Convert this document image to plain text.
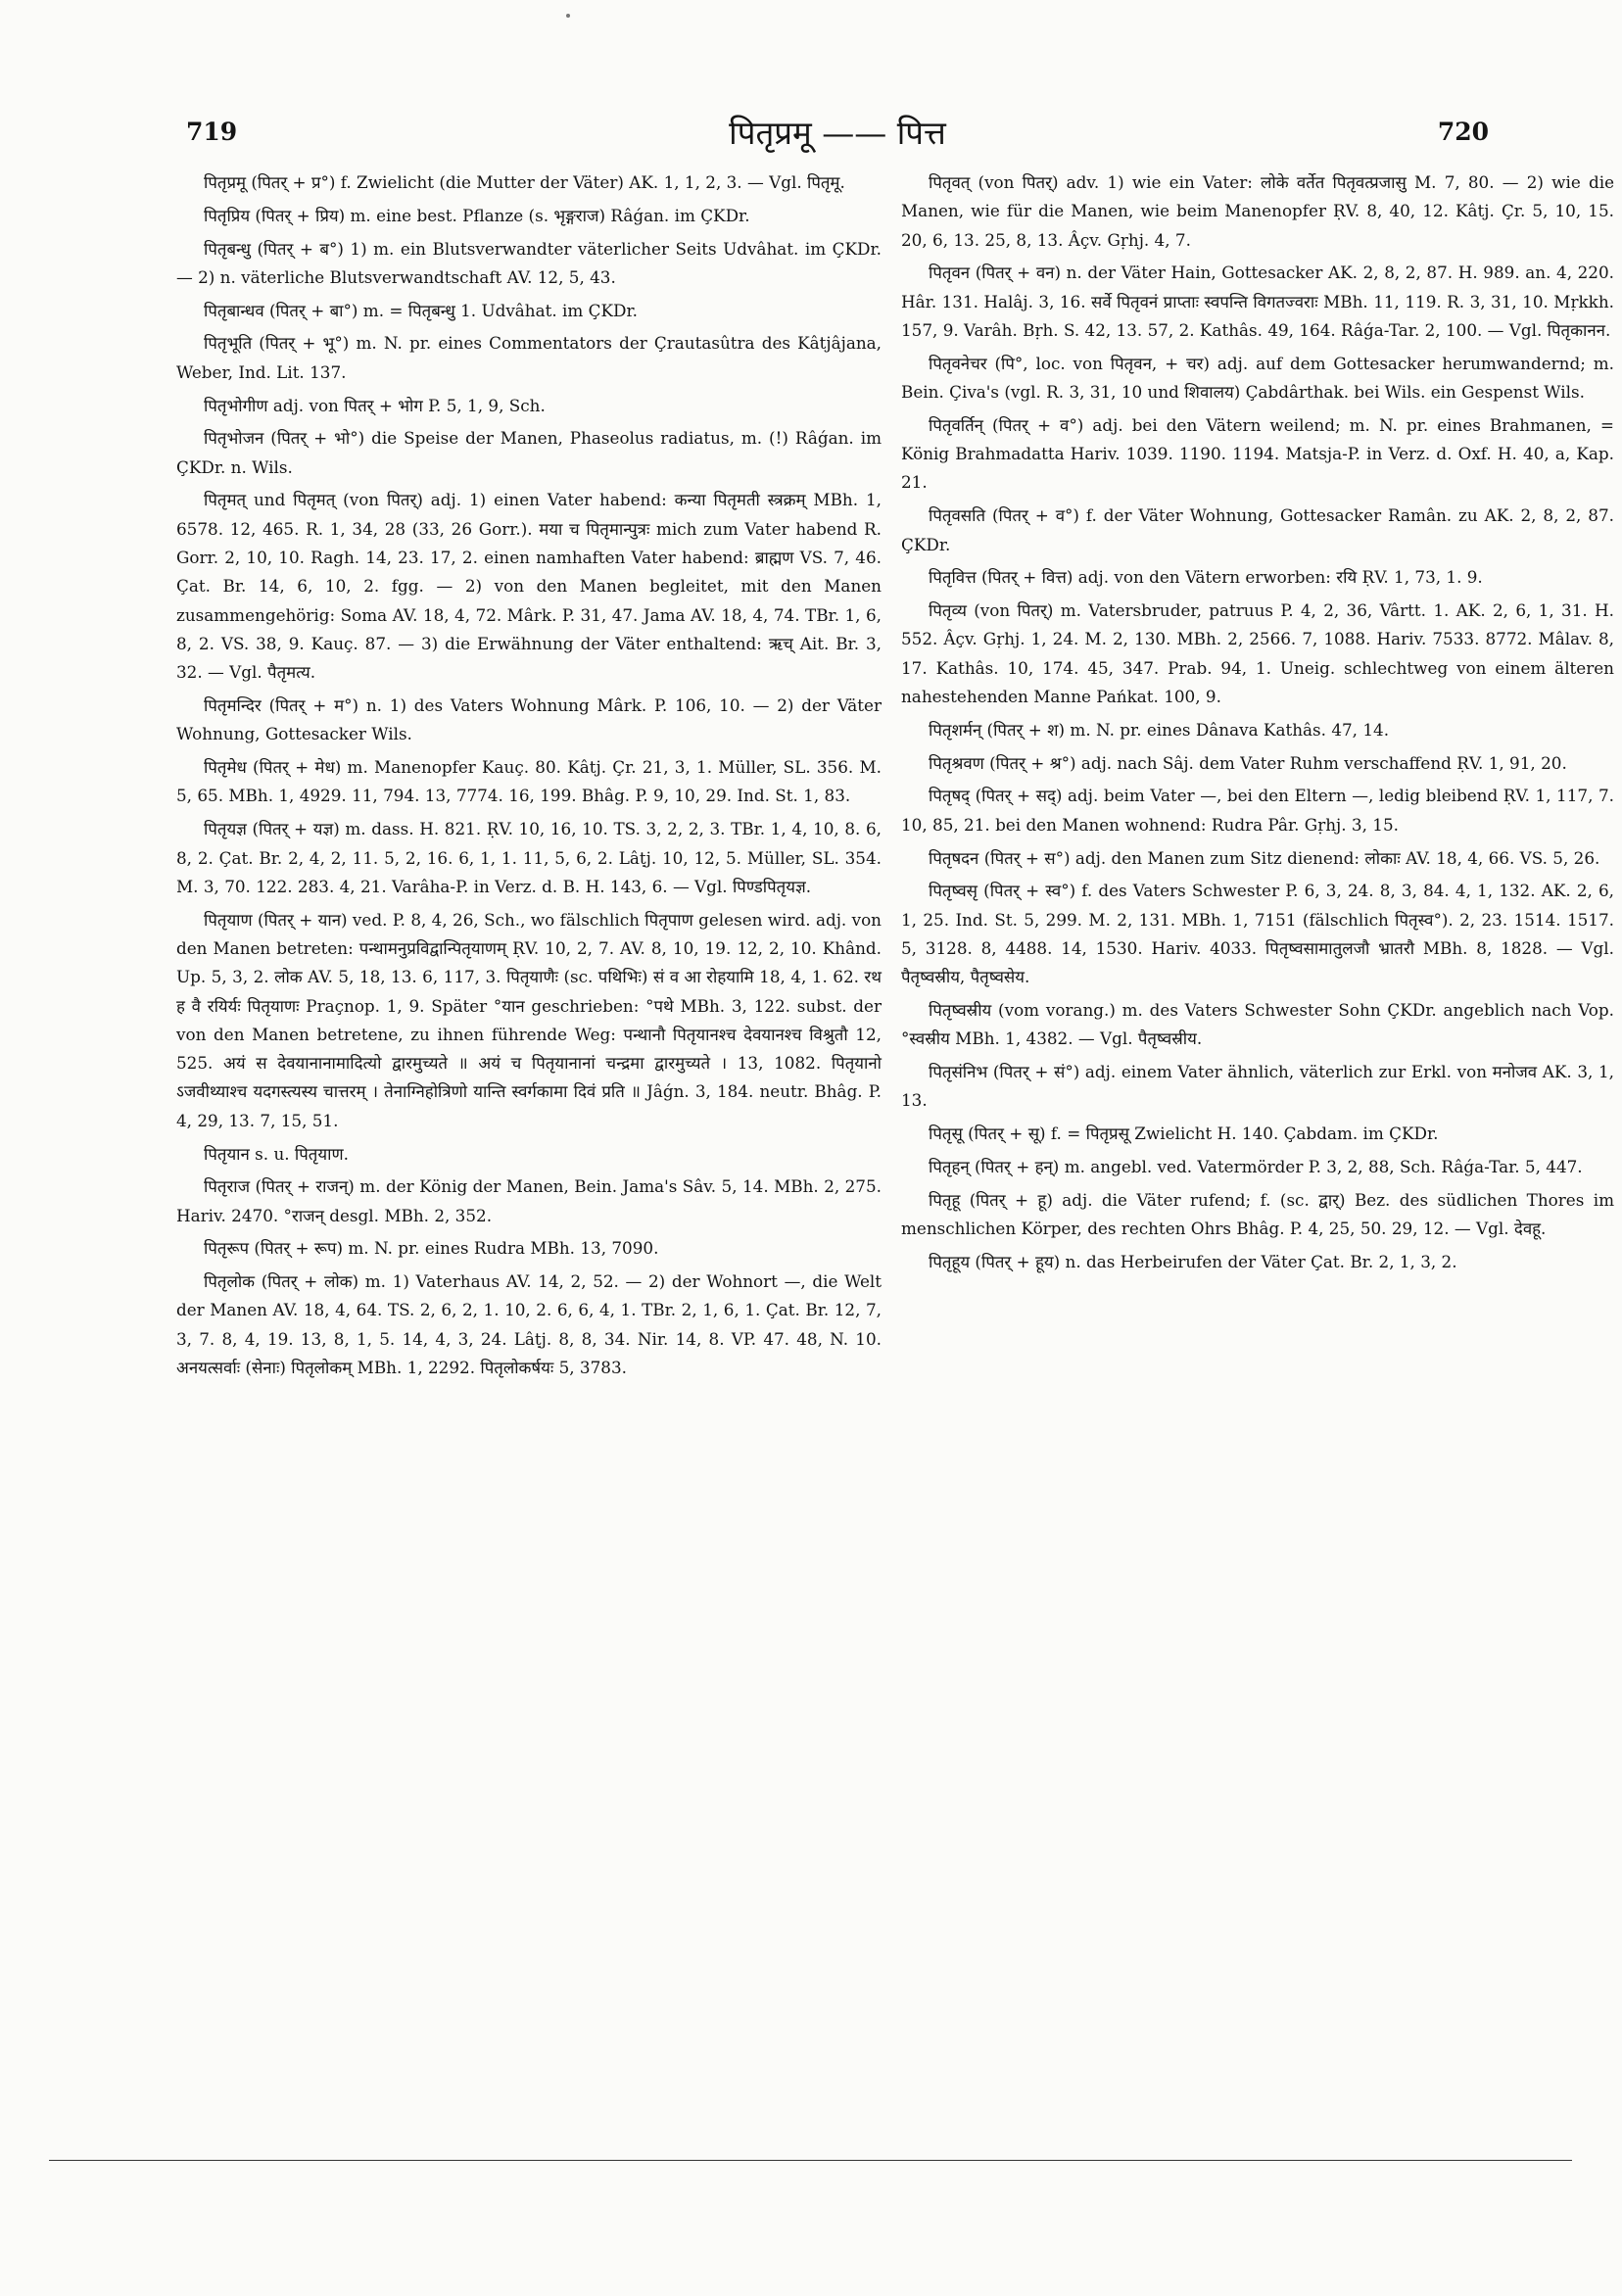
719	पितृप्रमू —— पित्त	720

पितृप्रमू (पितर् + प्र°) f. Zwielicht (die Mutter der Väter) AK. 1, 1, 2, 3. — Vgl. पितृमू.

पितृप्रिय (पितर् + प्रिय) m. eine best. Pflanze (s. भृङ्गराज) Râǵan. im ÇKDr.

पितृबन्धु (पितर् + ब°) 1) m. ein Blutsverwandter väterlicher Seits Udvâhat. im ÇKDr. — 2) n. väterliche Blutsverwandtschaft AV. 12, 5, 43.

पितृबान्धव (पितर् + बा°) m. = पितृबन्धु 1. Udvâhat. im ÇKDr.

पितृभूति (पितर् + भू°) m. N. pr. eines Commentators der Çrautasûtra des Kâtjâjana, Weber, Ind. Lit. 137.

पितृभोगीण adj. von पितर् + भोग P. 5, 1, 9, Sch.

पितृभोजन (पितर् + भो°) die Speise der Manen, Phaseolus radiatus, m. (!) Râǵan. im ÇKDr. n. Wils.

पितृमत् und पितृमत् (von पितर्) adj. 1) einen Vater habend: कन्या पितृमती स्त्रक्रम् MBh. 1, 6578. 12, 465. R. 1, 34, 28 (33, 26 Gorr.). मया च पितृमान्पुत्रः mich zum Vater habend R. Gorr. 2, 10, 10. Ragh. 14, 23. 17, 2. einen namhaften Vater habend: ब्राह्मण VS. 7, 46. Çat. Br. 14, 6, 10, 2. fgg. — 2) von den Manen begleitet, mit den Manen zusammengehörig: Soma AV. 18, 4, 72. Mârk. P. 31, 47. Jama AV. 18, 4, 74. TBr. 1, 6, 8, 2. VS. 38, 9. Kauç. 87. — 3) die Erwähnung der Väter enthaltend: ऋच् Ait. Br. 3, 32. — Vgl. पैतृमत्य.

पितृमन्दिर (पितर् + म°) n. 1) des Vaters Wohnung Mârk. P. 106, 10. — 2) der Väter Wohnung, Gottesacker Wils.

पितृमेध (पितर् + मेध) m. Manenopfer Kauç. 80. Kâtj. Çr. 21, 3, 1. Müller, SL. 356. M. 5, 65. MBh. 1, 4929. 11, 794. 13, 7774. 16, 199. Bhâg. P. 9, 10, 29. Ind. St. 1, 83.

पितृयज्ञ (पितर् + यज्ञ) m. dass. H. 821. ṚV. 10, 16, 10. TS. 3, 2, 2, 3. TBr. 1, 4, 10, 8. 6, 8, 2. Çat. Br. 2, 4, 2, 11. 5, 2, 16. 6, 1, 1. 11, 5, 6, 2. Lâṭj. 10, 12, 5. Müller, SL. 354. M. 3, 70. 122. 283. 4, 21. Varâha-P. in Verz. d. B. H. 143, 6. — Vgl. पिण्डपितृयज्ञ.

पितृयाण (पितर् + यान) ved. P. 8, 4, 26, Sch., wo fälschlich पितृपाण gelesen wird. adj. von den Manen betreten: पन्थामनुप्रविद्वान्पितृयाणम् ṚV. 10, 2, 7. AV. 8, 10, 19. 12, 2, 10. Khând. Up. 5, 3, 2. लोक AV. 5, 18, 13. 6, 117, 3. पितृयाणैः (sc. पथिभिः) सं व आ रोहयामि 18, 4, 1. 62. रथ ह वै रयिर्यः पितृयाणः Praçnop. 1, 9. Später °यान geschrieben: °पथे MBh. 3, 122. subst. der von den Manen betretene, zu ihnen führende Weg: पन्थानौ पितृयानश्च देवयानश्च विश्रुतौ 12, 525. अयं स देवयानानामादित्यो द्वारमुच्यते ॥ अयं च पितृयानानां चन्द्रमा द्वारमुच्यते । 13, 1082. पितृयानो ऽजवीथ्याश्च यदगस्त्यस्य चात्तरम् । तेनाग्निहोत्रिणो यान्ति स्वर्गकामा दिवं प्रति ॥ Jâǵn. 3, 184. neutr. Bhâg. P. 4, 29, 13. 7, 15, 51.

पितृयान s. u. पितृयाण.

पितृराज (पितर् + राजन्) m. der König der Manen, Bein. Jama's Sâv. 5, 14. MBh. 2, 275. Hariv. 2470. °राजन् desgl. MBh. 2, 352.

पितृरूप (पितर् + रूप) m. N. pr. eines Rudra MBh. 13, 7090.

पितृलोक (पितर् + लोक) m. 1) Vaterhaus AV. 14, 2, 52. — 2) der Wohnort —, die Welt der Manen AV. 18, 4, 64. TS. 2, 6, 2, 1. 10, 2. 6, 6, 4, 1. TBr. 2, 1, 6, 1. Çat. Br. 12, 7, 3, 7. 8, 4, 19. 13, 8, 1, 5. 14, 4, 3, 24. Lâṭj. 8, 8, 34. Nir. 14, 8. VP. 47. 48, N. 10. अनयत्सर्वाः (सेनाः) पितृलोकम् MBh. 1, 2292. पितृलोकर्षयः 5, 3783.

पितृवत् (von पितर्) adv. 1) wie ein Vater: लोके वर्तेत पितृवत्प्रजासु M. 7, 80. — 2) wie die Manen, wie für die Manen, wie beim Manenopfer ṚV. 8, 40, 12. Kâtj. Çr. 5, 10, 15. 20, 6, 13. 25, 8, 13. Âçv. Gṛhj. 4, 7.

पितृवन (पितर् + वन) n. der Väter Hain, Gottesacker AK. 2, 8, 2, 87. H. 989. an. 4, 220. Hâr. 131. Halâj. 3, 16. सर्वे पितृवनं प्राप्ताः स्वपन्ति विगतज्वराः MBh. 11, 119. R. 3, 31, 10. Mṛkkh. 157, 9. Varâh. Bṛh. S. 42, 13. 57, 2. Kathâs. 49, 164. Râǵa-Tar. 2, 100. — Vgl. पितृकानन.

पितृवनेचर (पि°, loc. von पितृवन, + चर) adj. auf dem Gottesacker herumwandernd; m. Bein. Çiva's (vgl. R. 3, 31, 10 und शिवालय) Çabdârthak. bei Wils. ein Gespenst Wils.

पितृवर्तिन् (पितर् + व°) adj. bei den Vätern weilend; m. N. pr. eines Brahmanen, = König Brahmadatta Hariv. 1039. 1190. 1194. Matsja-P. in Verz. d. Oxf. H. 40, a, Kap. 21.

पितृवसति (पितर् + व°) f. der Väter Wohnung, Gottesacker Ramân. zu AK. 2, 8, 2, 87. ÇKDr.

पितृवित्त (पितर् + वित्त) adj. von den Vätern erworben: रयि ṚV. 1, 73, 1. 9.

पितृव्य (von पितर्) m. Vatersbruder, patruus P. 4, 2, 36, Vârtt. 1. AK. 2, 6, 1, 31. H. 552. Âçv. Gṛhj. 1, 24. M. 2, 130. MBh. 2, 2566. 7, 1088. Hariv. 7533. 8772. Mâlav. 8, 17. Kathâs. 10, 174. 45, 347. Prab. 94, 1. Uneig. schlechtweg von einem älteren nahestehenden Manne Pańkat. 100, 9.

पितृशर्मन् (पितर् + श) m. N. pr. eines Dânava Kathâs. 47, 14.

पितृश्रवण (पितर् + श्र°) adj. nach Sâj. dem Vater Ruhm verschaffend ṚV. 1, 91, 20.

पितृषद् (पितर् + सद्) adj. beim Vater —, bei den Eltern —, ledig bleibend ṚV. 1, 117, 7. 10, 85, 21. bei den Manen wohnend: Rudra Pâr. Gṛhj. 3, 15.

पितृषदन (पितर् + स°) adj. den Manen zum Sitz dienend: लोकाः AV. 18, 4, 66. VS. 5, 26.

पितृष्वसृ (पितर् + स्व°) f. des Vaters Schwester P. 6, 3, 24. 8, 3, 84. 4, 1, 132. AK. 2, 6, 1, 25. Ind. St. 5, 299. M. 2, 131. MBh. 1, 7151 (fälschlich पितृस्व°). 2, 23. 1514. 1517. 5, 3128. 8, 4488. 14, 1530. Hariv. 4033. पितृष्वसामातुलजौ भ्रातरौ MBh. 8, 1828. — Vgl. पैतृष्वस्रीय, पैतृष्वसेय.

पितृष्वस्रीय (vom vorang.) m. des Vaters Schwester Sohn ÇKDr. angeblich nach Vop. °स्वस्रीय MBh. 1, 4382. — Vgl. पैतृष्वस्रीय.

पितृसंनिभ (पितर् + सं°) adj. einem Vater ähnlich, väterlich zur Erkl. von मनोजव AK. 3, 1, 13.

पितृसू (पितर् + सू) f. = पितृप्रसू Zwielicht H. 140. Çabdam. im ÇKDr.

पितृहन् (पितर् + हन्) m. angebl. ved. Vatermörder P. 3, 2, 88, Sch. Râǵa-Tar. 5, 447.

पितृहू (पितर् + हू) adj. die Väter rufend; f. (sc. द्वार्) Bez. des südlichen Thores im menschlichen Körper, des rechten Ohrs Bhâg. P. 4, 25, 50. 29, 12. — Vgl. देवहू.

पितृहूय (पितर् + हूय) n. das Herbeirufen der Väter Çat. Br. 2, 1, 3, 2.
